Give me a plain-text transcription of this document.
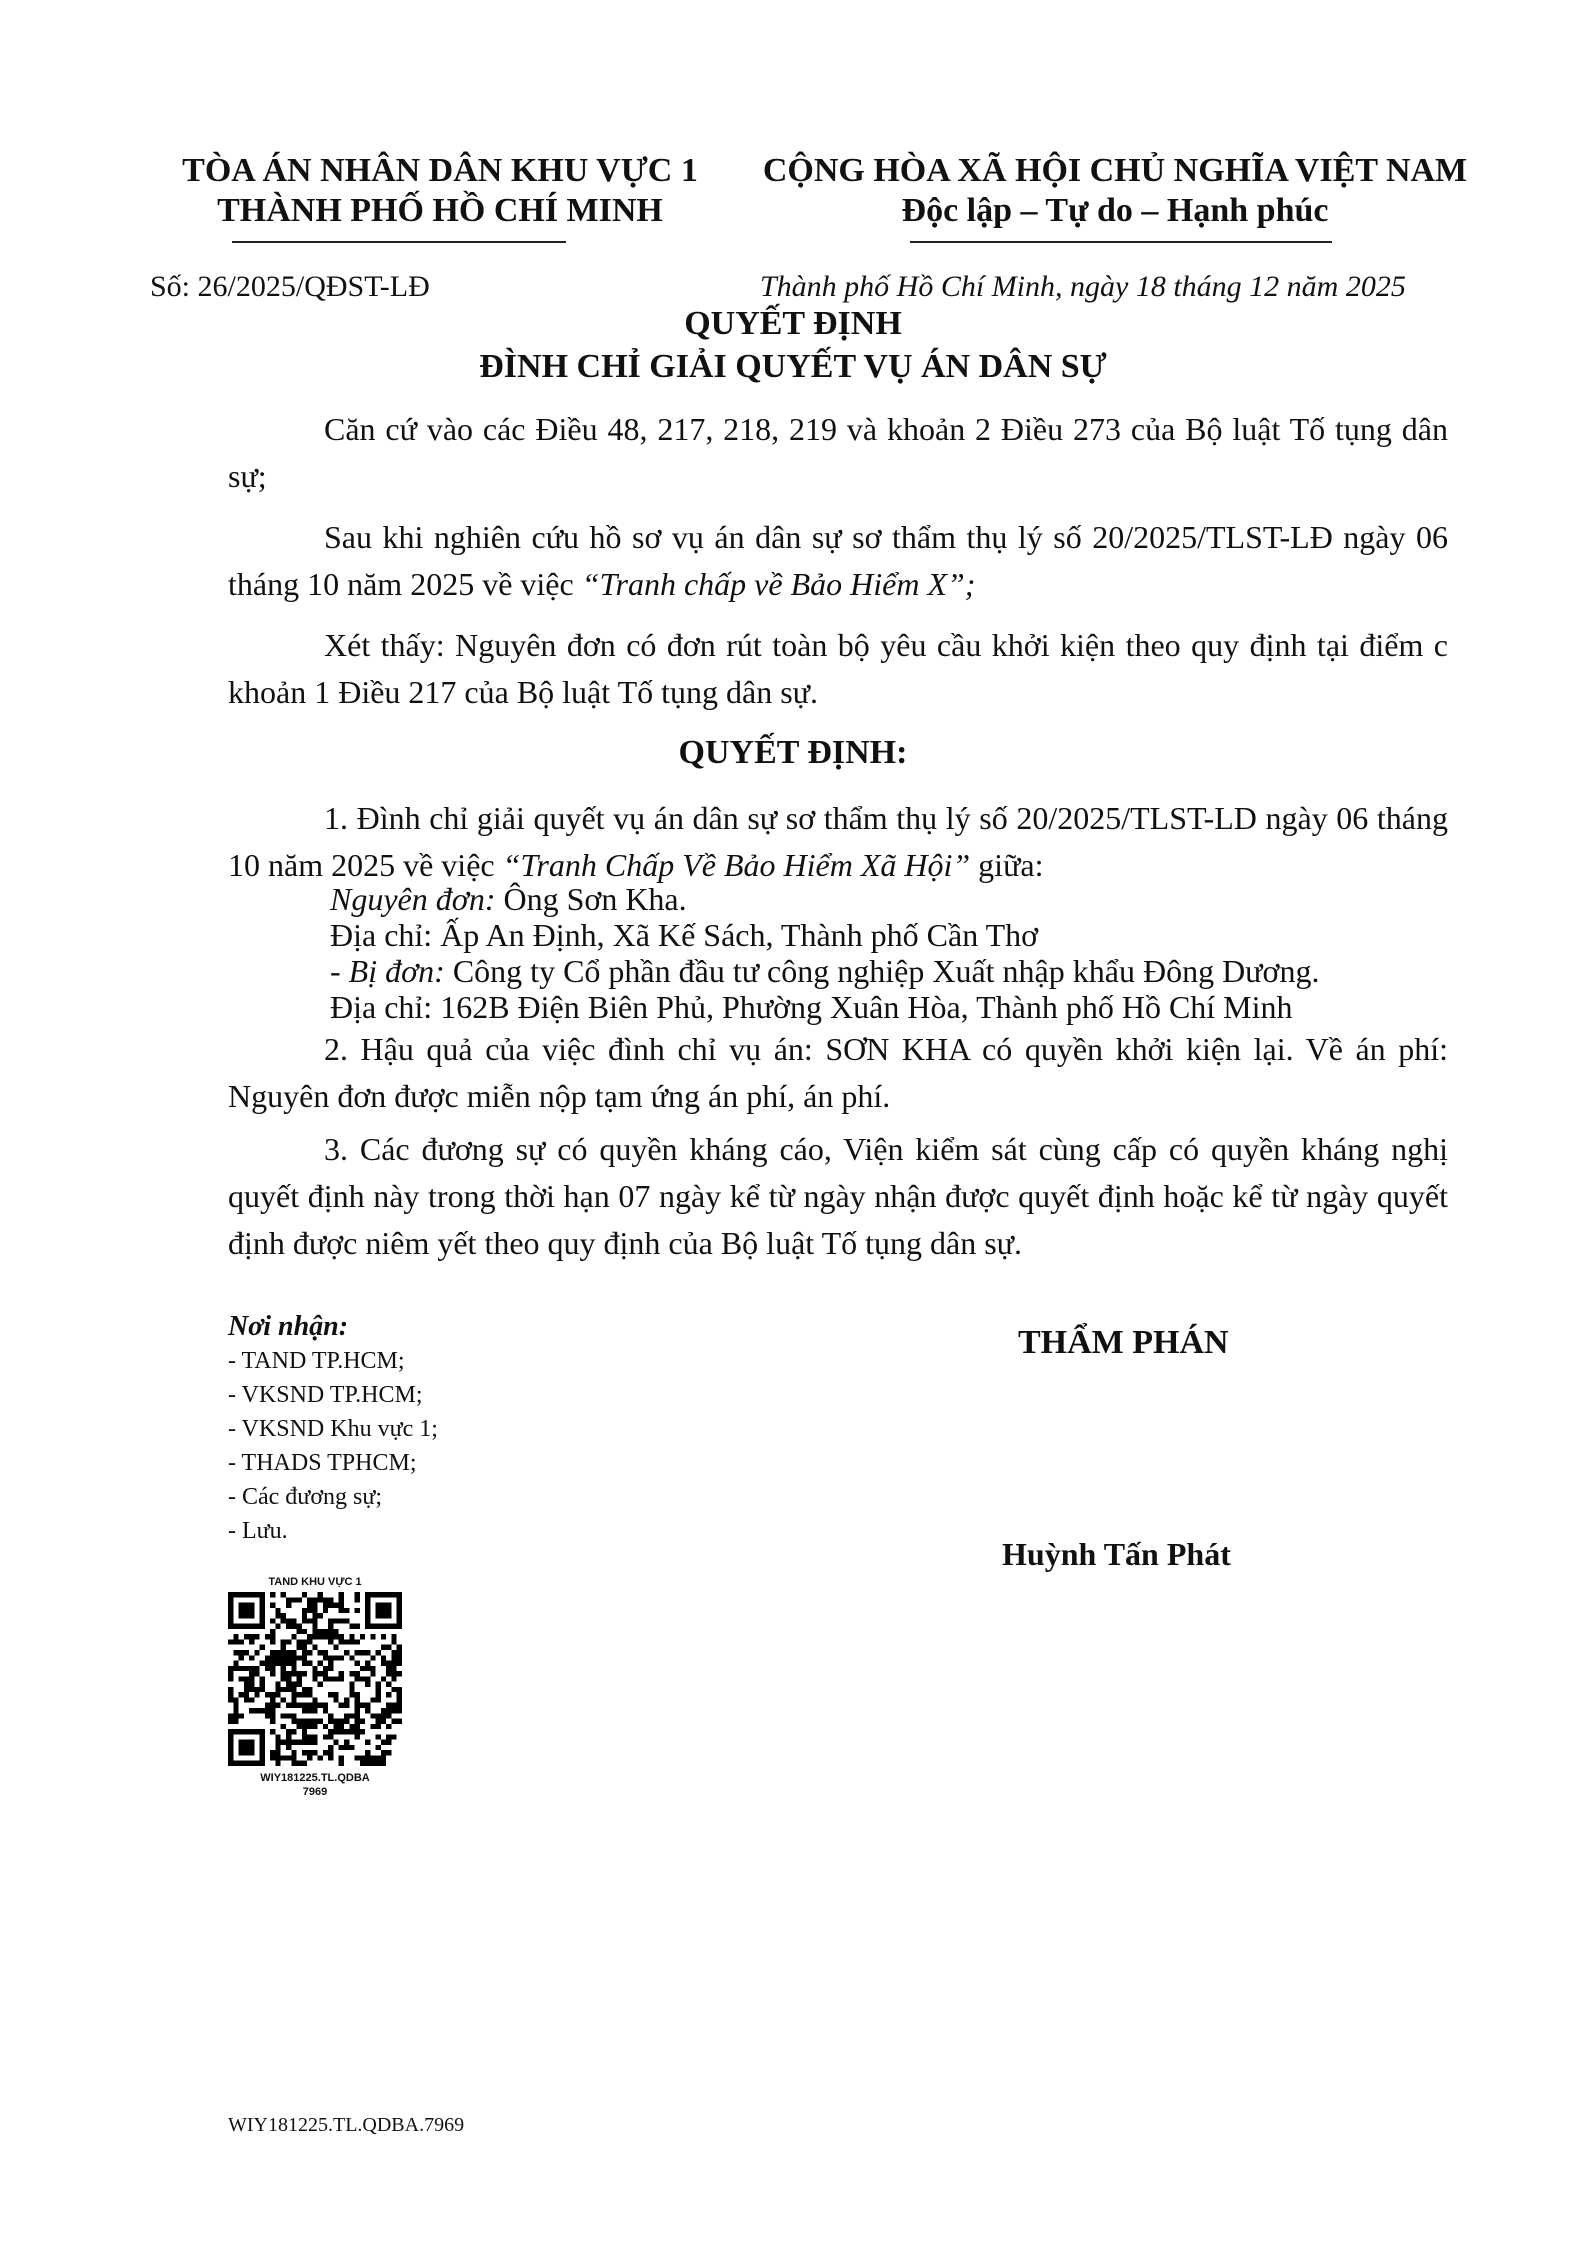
TÒA ÁN NHÂN DÂN KHU VỰC 1
THÀNH PHỐ HỒ CHÍ MINH
CỘNG HÒA XÃ HỘI CHỦ NGHĨA VIỆT NAM
Độc lập – Tự do – Hạnh phúc
Số: 26/2025/QĐST-LĐ	Thành phố Hồ Chí Minh, ngày 18 tháng 12 năm 2025
QUYẾT ĐỊNH
ĐÌNH CHỈ GIẢI QUYẾT VỤ ÁN DÂN SỰ
Căn cứ vào các Điều 48, 217, 218, 219 và khoản 2 Điều 273 của Bộ luật Tố tụng dân sự;
Sau khi nghiên cứu hồ sơ vụ án dân sự sơ thẩm thụ lý số 20/2025/TLST-LĐ ngày 06 tháng 10 năm 2025 về việc “Tranh chấp về Bảo Hiểm X”;
Xét thấy: Nguyên đơn có đơn rút toàn bộ yêu cầu khởi kiện theo quy định tại điểm c khoản 1 Điều 217 của Bộ luật Tố tụng dân sự.
QUYẾT ĐỊNH:
1. Đình chỉ giải quyết vụ án dân sự sơ thẩm thụ lý số 20/2025/TLST-LD ngày 06 tháng 10 năm 2025 về việc “Tranh Chấp Về Bảo Hiểm Xã Hội” giữa:
Nguyên đơn: Ông Sơn Kha.
Địa chỉ: Ấp An Định, Xã Kế Sách, Thành phố Cần Thơ
- Bị đơn: Công ty Cổ phần đầu tư công nghiệp Xuất nhập khẩu Đông Dương.
Địa chỉ: 162B Điện Biên Phủ, Phường Xuân Hòa, Thành phố Hồ Chí Minh
2. Hậu quả của việc đình chỉ vụ án: SƠN KHA có quyền khởi kiện lại. Về án phí: Nguyên đơn được miễn nộp tạm ứng án phí, án phí.
3. Các đương sự có quyền kháng cáo, Viện kiểm sát cùng cấp có quyền kháng nghị quyết định này trong thời hạn 07 ngày kể từ ngày nhận được quyết định hoặc kể từ ngày quyết định được niêm yết theo quy định của Bộ luật Tố tụng dân sự.
Nơi nhận:
- TAND TP.HCM;
- VKSND TP.HCM;
- VKSND Khu vực 1;
- THADS TPHCM;
- Các đương sự;
- Lưu.
THẨM PHÁN
Huỳnh Tấn Phát
TAND KHU VỰC 1
WIY181225.TL.QDBA
7969
WIY181225.TL.QDBA.7969
